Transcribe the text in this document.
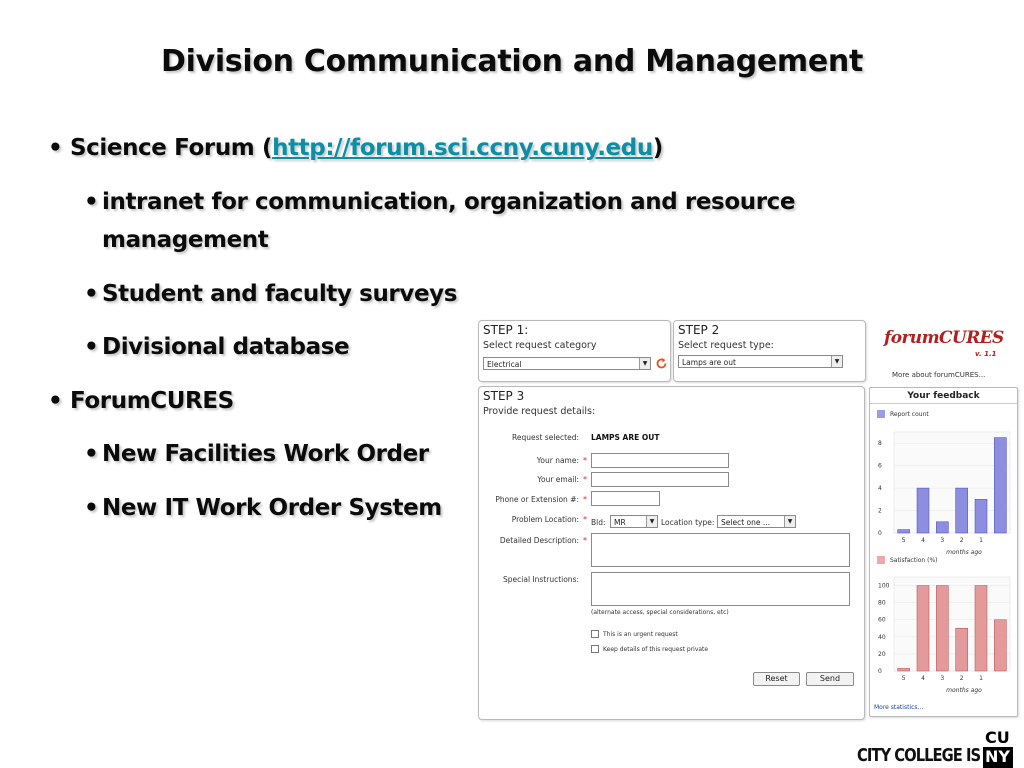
Division Communication and Management
• Science Forum (http://forum.sci.ccny.cuny.edu)
• intranet for communication, organization and resource
management
• Student and faculty surveys
• Divisional database
• ForumCURES
• New Facilities Work Order
• New IT Work Order System
STEP 1:
Select request category
Electrical	▼
STEP 2
Select request type:
Lamps are out	▼
STEP 3
Provide request details:
Request selected: LAMPS ARE OUT
Your name: *
Your email: *
Phone or Extension #: *
Problem Location: * Bld:	MR	▼ Location type: Select one ...	▼
Detailed Description: *
Special Instructions:
(alternate access, special considerations, etc)
This is an urgent request
Keep details of this request private
Reset	Send
forumCURES
v. 1.1
More about forumCURES...
Your feedback
Report count
0
2
4
6
8
5	4	3	2	1
months ago
Satisfaction (%)
0
20
40
60
80
100
5	4	3	2	1
months ago
More statistics...
CITY COLLEGE IS
CU
NY
